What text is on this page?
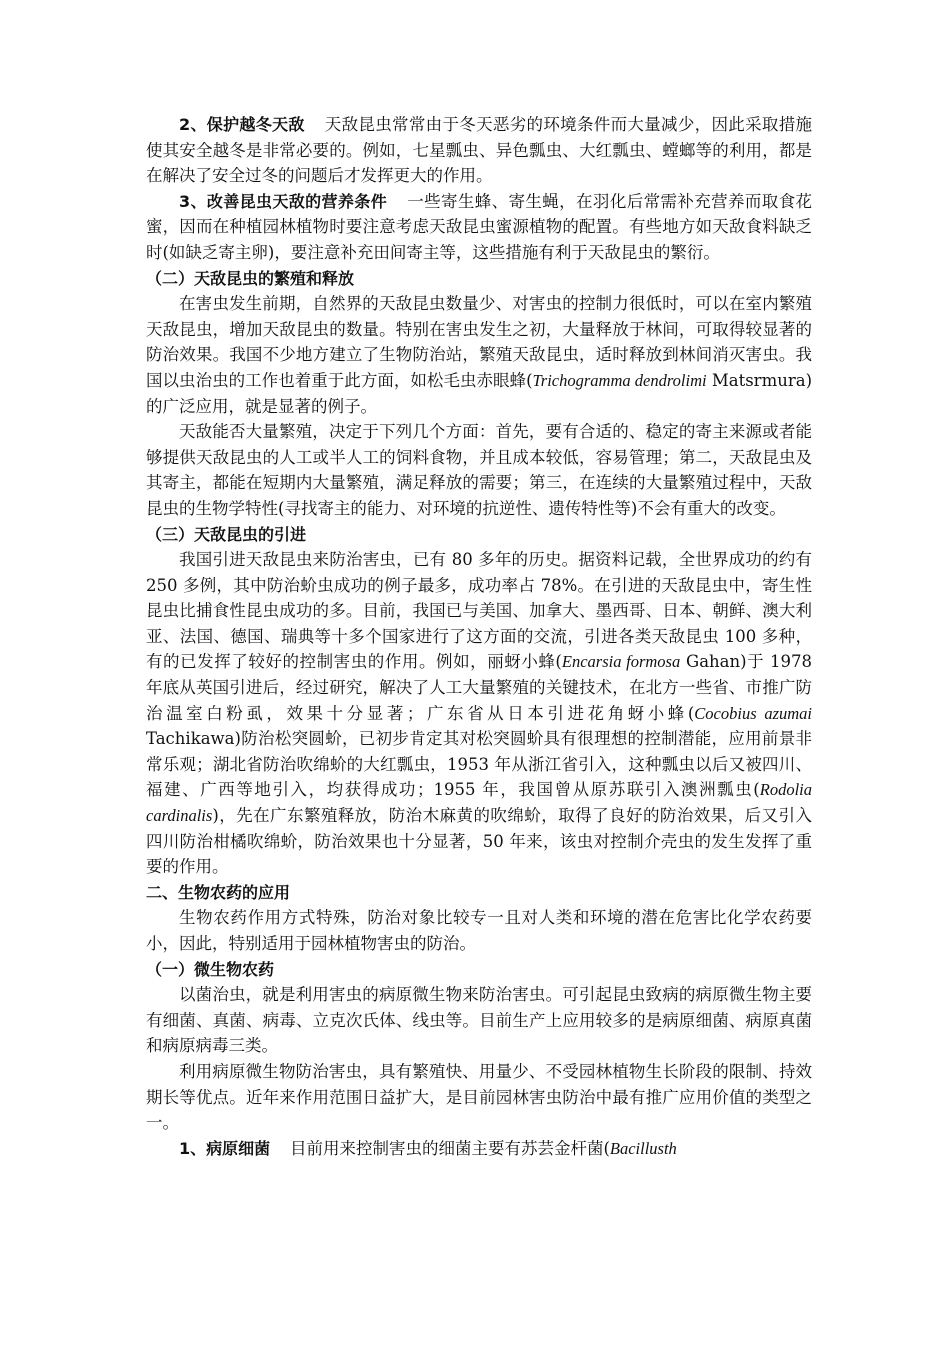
2、保护越冬天敌 天敌昆虫常常由于冬天恶劣的环境条件而大量减少，因此采取措施使其安全越冬是非常必要的。例如，七星瓢虫、异色瓢虫、大红瓢虫、螳螂等的利用，都是在解决了安全过冬的问题后才发挥更大的作用。

3、改善昆虫天敌的营养条件 一些寄生蜂、寄生蝇，在羽化后常需补充营养而取食花蜜，因而在种植园林植物时要注意考虑天敌昆虫蜜源植物的配置。有些地方如天敌食料缺乏时(如缺乏寄主卵)，要注意补充田间寄主等，这些措施有利于天敌昆虫的繁衍。

（二）天敌昆虫的繁殖和释放

在害虫发生前期，自然界的天敌昆虫数量少、对害虫的控制力很低时，可以在室内繁殖天敌昆虫，增加天敌昆虫的数量。特别在害虫发生之初，大量释放于林间，可取得较显著的防治效果。我国不少地方建立了生物防治站，繁殖天敌昆虫，适时释放到林间消灭害虫。我国以虫治虫的工作也着重于此方面，如松毛虫赤眼蜂(Trichogramma dendrolimi Matsrmura)的广泛应用，就是显著的例子。

天敌能否大量繁殖，决定于下列几个方面：首先，要有合适的、稳定的寄主来源或者能够提供天敌昆虫的人工或半人工的饲料食物，并且成本较低，容易管理；第二，天敌昆虫及其寄主，都能在短期内大量繁殖，满足释放的需要；第三，在连续的大量繁殖过程中，天敌昆虫的生物学特性(寻找寄主的能力、对环境的抗逆性、遗传特性等)不会有重大的改变。

（三）天敌昆虫的引进

我国引进天敌昆虫来防治害虫，已有 80 多年的历史。据资料记载，全世界成功的约有 250 多例，其中防治蚧虫成功的例子最多，成功率占 78%。在引进的天敌昆虫中，寄生性昆虫比捕食性昆虫成功的多。目前，我国已与美国、加拿大、墨西哥、日本、朝鲜、澳大利亚、法国、德国、瑞典等十多个国家进行了这方面的交流，引进各类天敌昆虫 100 多种，有的已发挥了较好的控制害虫的作用。例如，丽蚜小蜂(Encarsia formosa Gahan)于 1978 年底从英国引进后，经过研究，解决了人工大量繁殖的关键技术，在北方一些省、市推广防治温室白粉虱，效果十分显著；广东省从日本引进花角蚜小蜂(Cocobius azumai Tachikawa)防治松突圆蚧，已初步肯定其对松突圆蚧具有很理想的控制潜能，应用前景非常乐观；湖北省防治吹绵蚧的大红瓢虫，1953 年从浙江省引入，这种瓢虫以后又被四川、福建、广西等地引入，均获得成功；1955 年，我国曾从原苏联引入澳洲瓢虫(Rodolia cardinalis)，先在广东繁殖释放，防治木麻黄的吹绵蚧，取得了良好的防治效果，后又引入四川防治柑橘吹绵蚧，防治效果也十分显著，50 年来，该虫对控制介壳虫的发生发挥了重要的作用。

二、生物农药的应用

生物农药作用方式特殊，防治对象比较专一且对人类和环境的潜在危害比化学农药要小，因此，特别适用于园林植物害虫的防治。

（一）微生物农药

以菌治虫，就是利用害虫的病原微生物来防治害虫。可引起昆虫致病的病原微生物主要有细菌、真菌、病毒、立克次氏体、线虫等。目前生产上应用较多的是病原细菌、病原真菌和病原病毒三类。

利用病原微生物防治害虫，具有繁殖快、用量少、不受园林植物生长阶段的限制、持效期长等优点。近年来作用范围日益扩大，是目前园林害虫防治中最有推广应用价值的类型之一。

1、病原细菌 目前用来控制害虫的细菌主要有苏芸金杆菌(Bacillusth
